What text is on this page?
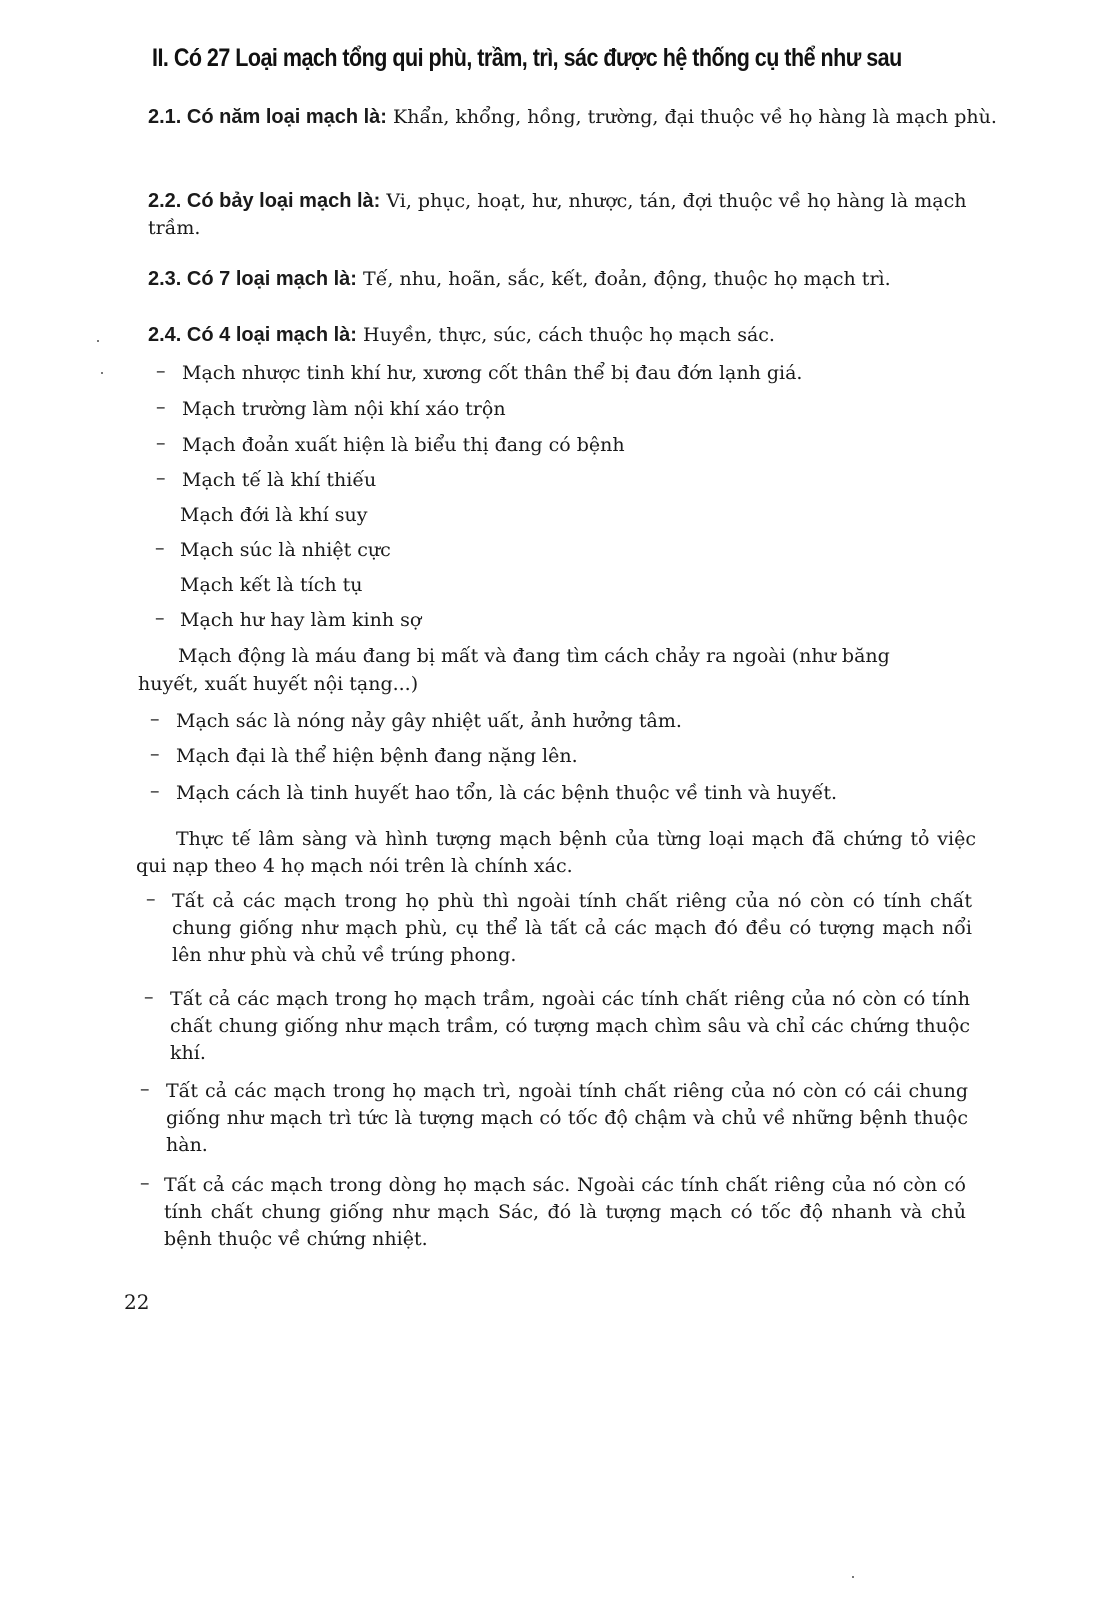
II. Có 27 Loại mạch tổng qui phù, trầm, trì, sác được hệ thống cụ thể như sau
2.1. Có năm loại mạch là: Khẩn, khổng, hồng, trường, đại thuộc về họ hàng là mạch phù.
2.2. Có bảy loại mạch là: Vi, phục, hoạt, hư, nhược, tán, đợi thuộc về họ hàng là mạch trầm.
2.3. Có 7 loại mạch là: Tế, nhu, hoãn, sắc, kết, đoản, động, thuộc họ mạch trì.
2.4. Có 4 loại mạch là: Huyền, thực, súc, cách thuộc họ mạch sác.
– Mạch nhược tinh khí hư, xương cốt thân thể bị đau đớn lạnh giá.
– Mạch trường làm nội khí xáo trộn
– Mạch đoản xuất hiện là biểu thị đang có bệnh
– Mạch tế là khí thiếu
Mạch đới là khí suy
– Mạch súc là nhiệt cực
Mạch kết là tích tụ
– Mạch hư hay làm kinh sợ
Mạch động là máu đang bị mất và đang tìm cách chảy ra ngoài (như băng
huyết, xuất huyết nội tạng...)
– Mạch sác là nóng nảy gây nhiệt uất, ảnh hưởng tâm.
– Mạch đại là thể hiện bệnh đang nặng lên.
– Mạch cách là tinh huyết hao tổn, là các bệnh thuộc về tinh và huyết.
Thực tế lâm sàng và hình tượng mạch bệnh của từng loại mạch đã chứng tỏ việc qui nạp theo 4 họ mạch nói trên là chính xác.
– Tất cả các mạch trong họ phù thì ngoài tính chất riêng của nó còn có tính chất chung giống như mạch phù, cụ thể là tất cả các mạch đó đều có tượng mạch nổi lên như phù và chủ về trúng phong.
– Tất cả các mạch trong họ mạch trầm, ngoài các tính chất riêng của nó còn có tính chất chung giống như mạch trầm, có tượng mạch chìm sâu và chỉ các chứng thuộc khí.
– Tất cả các mạch trong họ mạch trì, ngoài tính chất riêng của nó còn có cái chung giống như mạch trì tức là tượng mạch có tốc độ chậm và chủ về những bệnh thuộc hàn.
– Tất cả các mạch trong dòng họ mạch sác. Ngoài các tính chất riêng của nó còn có tính chất chung giống như mạch Sác, đó là tượng mạch có tốc độ nhanh và chủ bệnh thuộc về chứng nhiệt.
22
